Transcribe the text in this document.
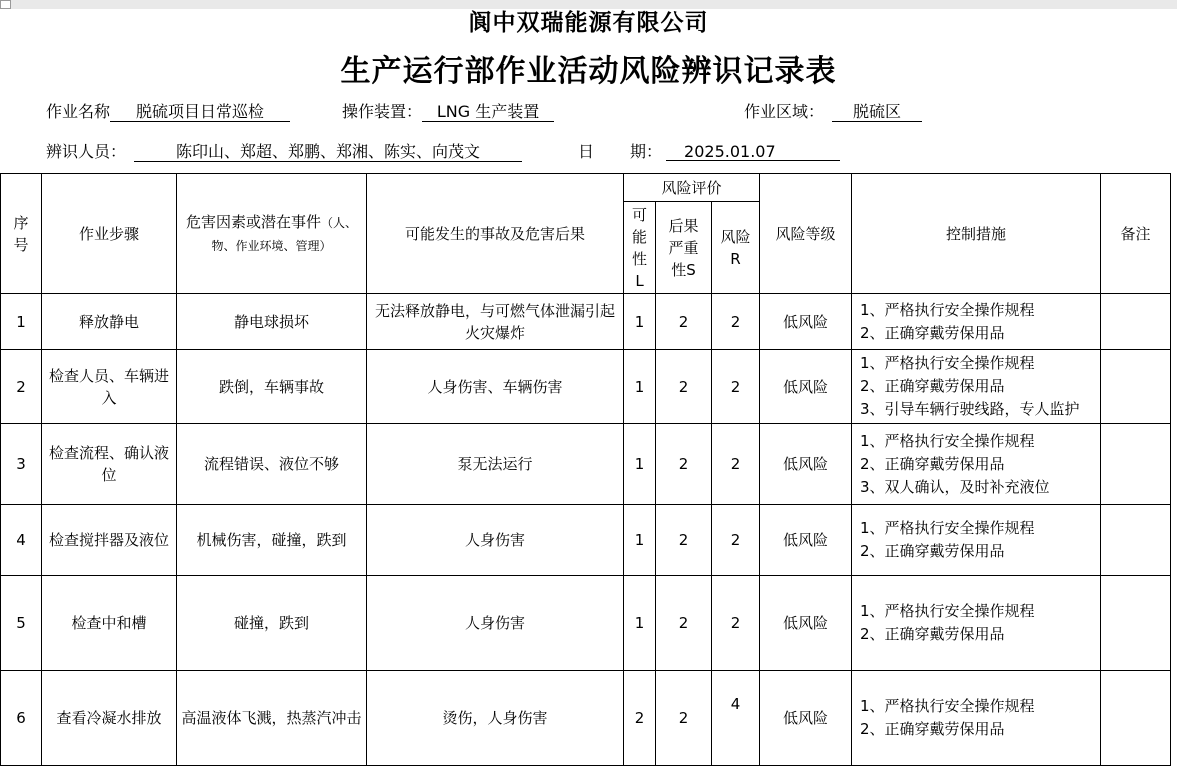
阆中双瑞能源有限公司
生产运行部作业活动风险辨识记录表
作业名称 脱硫项目日常巡检	操作装置： LNG 生产装置	作业区域： 脱硫区
辨识人员：	陈印山、郑超、郑鹏、郑湘、陈实、向茂文	日 期： 2025.01.07
序号	作业步骤	危害因素或潜在事件（人、物、作业环境、管理）	可能发生的事故及危害后果	风险评价			风险等级	控制措施	备注
				可能性L	后果严重性S	风险R			
1	释放静电	静电球损坏	无法释放静电，与可燃气体泄漏引起火灾爆炸	1	2	2	低风险	1、严格执行安全操作规程
2、正确穿戴劳保用品	

2	检查人员、车辆进入	跌倒，车辆事故	人身伤害、车辆伤害	1	2	2	低风险	1、严格执行安全操作规程
2、正确穿戴劳保用品
3、引导车辆行驶线路，专人监护	

3	检查流程、确认液位	流程错误、液位不够	泵无法运行	1	2	2	低风险	1、严格执行安全操作规程
2、正确穿戴劳保用品
3、双人确认，及时补充液位	

4	检查搅拌器及液位	机械伤害，碰撞，跌到	人身伤害	1	2	2	低风险	1、严格执行安全操作规程
2、正确穿戴劳保用品	

5	检查中和槽	碰撞，跌到	人身伤害	1	2	2	低风险	1、严格执行安全操作规程
2、正确穿戴劳保用品	

6	查看冷凝水排放	高温液体飞溅，热蒸汽冲击	烫伤，人身伤害	2	2	4	低风险	1、严格执行安全操作规程
2、正确穿戴劳保用品	
